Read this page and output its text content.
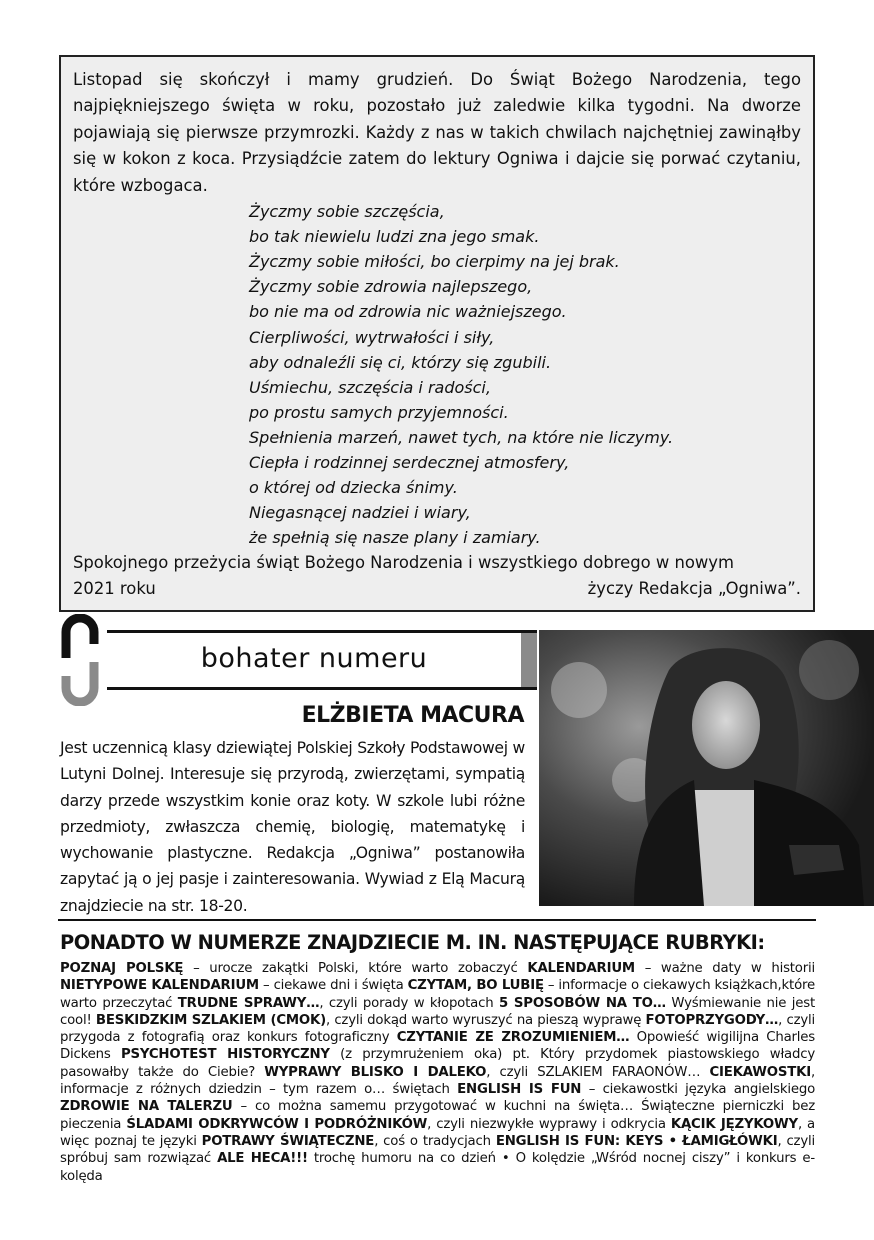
Listopad się skończył i mamy grudzień. Do Świąt Bożego Narodzenia, tego najpiękniejszego święta w roku, pozostało już zaledwie kilka tygodni. Na dworze pojawiają się pierwsze przymrozki. Każdy z nas w takich chwilach najchętniej zawinąłby się w kokon z koca. Przysiądźcie zatem do lektury Ogniwa i dajcie się porwać czytaniu, które wzbogaca.

Życzmy sobie szczęścia,
bo tak niewielu ludzi zna jego smak.
Życzmy sobie miłości, bo cierpimy na jej brak.
Życzmy sobie zdrowia najlepszego,
bo nie ma od zdrowia nic ważniejszego.
Cierpliwości, wytrwałości i siły,
aby odnaleźli się ci, którzy się zgubili.
Uśmiechu, szczęścia i radości,
po prostu samych przyjemności.
Spełnienia marzeń, nawet tych, na które nie liczymy.
Ciepła i rodzinnej serdecznej atmosfery,
o której od dziecka śnimy.
Niegasnącej nadziei i wiary,
że spełnią się nasze plany i zamiary.

Spokojnego przeżycia świąt Bożego Narodzenia i wszystkiego dobrego w nowym

2021 roku	życzy Redakcja „Ogniwa”.
bohater numeru
ELŻBIETA MACURA

Jest uczennicą klasy dziewiątej Polskiej Szkoły Podstawowej w Lutyni Dolnej. Interesuje się przyrodą, zwierzętami, sympatią darzy przede wszystkim konie oraz koty. W szkole lubi różne przedmioty, zwłaszcza chemię, biologię, matematykę i wychowanie plastyczne. Redakcja „Ogniwa” postanowiła zapytać ją o jej pasje i zainteresowania. Wywiad z Elą Macurą znajdziecie na str. 18-20.

PONADTO W NUMERZE ZNAJDZIECIE M. IN. NASTĘPUJĄCE RUBRYKI:

POZNAJ POLSKĘ – urocze zakątki Polski, które warto zobaczyć KALENDARIUM – ważne daty w historii NIETYPOWE KALENDARIUM – ciekawe dni i święta CZYTAM, BO LUBIĘ – informacje o ciekawych książkach,które warto przeczytać TRUDNE SPRAWY…, czyli porady w kłopotach 5 SPOSOBÓW NA TO… Wyśmiewanie nie jest cool! BESKIDZKIM SZLAKIEM (CMOK), czyli dokąd warto wyruszyć na pieszą wyprawę FOTOPRZYGODY…, czyli przygoda z fotografią oraz konkurs fotograficzny CZYTANIE ZE ZROZUMIENIEM… Opowieść wigilijna Charles Dickens PSYCHOTEST HISTORYCZNY (z przymrużeniem oka) pt. Który przydomek piastowskiego władcy pasowałby także do Ciebie? WYPRAWY BLISKO I DALEKO, czyli SZLAKIEM FARAONÓW… CIEKAWOSTKI, informacje z różnych dziedzin – tym razem o… świętach ENGLISH IS FUN – ciekawostki języka angielskiego ZDROWIE NA TALERZU – co można samemu przygotować w kuchni na święta… Świąteczne pierniczki bez pieczenia ŚLADAMI ODKRYWCÓW I PODRÓŻNIKÓW, czyli niezwykłe wyprawy i odkrycia KĄCIK JĘZYKOWY, a więc poznaj te języki POTRAWY ŚWIĄTECZNE, coś o tradycjach ENGLISH IS FUN: KEYS • ŁAMIGŁÓWKI, czyli spróbuj sam rozwiązać ALE HECA!!! trochę humoru na co dzień • O kolędzie „Wśród nocnej ciszy” i konkurs e-kolęda
